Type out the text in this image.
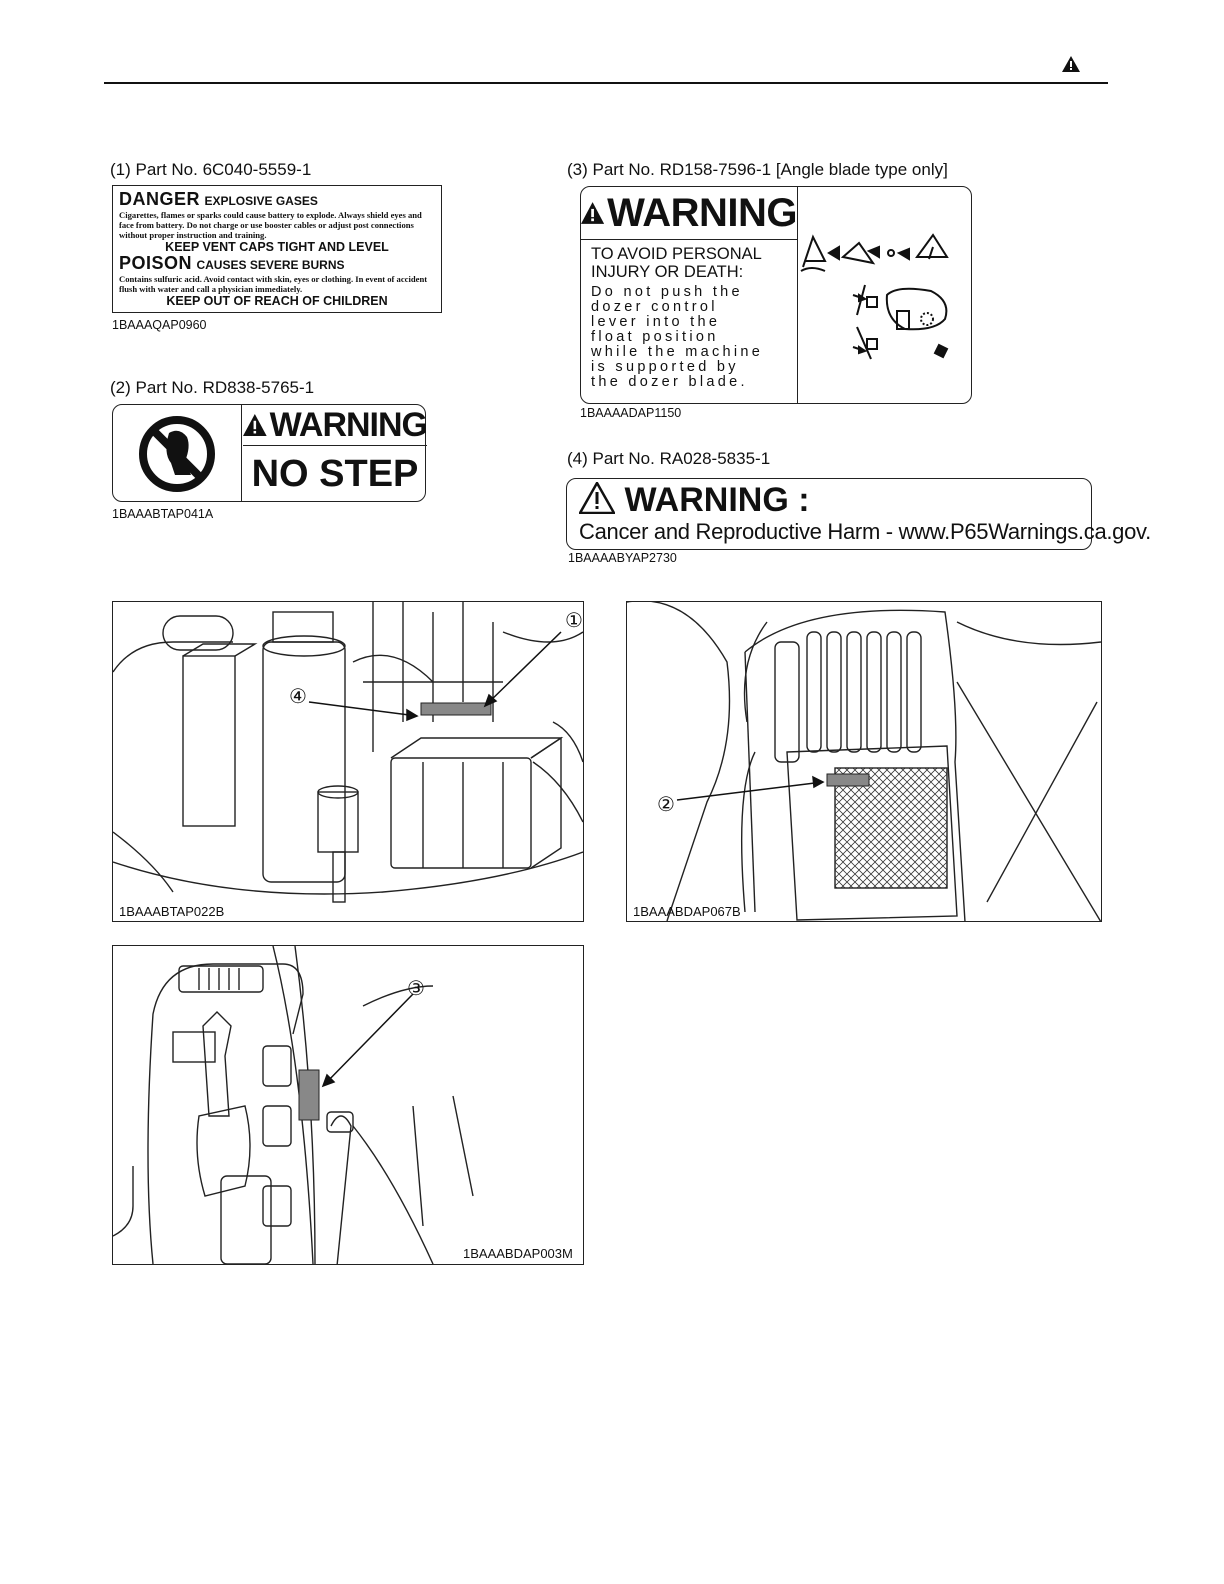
(1) Part No. 6C040-5559-1
DANGER EXPLOSIVE GASES
Cigarettes, flames or sparks could cause battery to explode. Always shield eyes and face from battery. Do not charge or use booster cables or adjust post connections without proper instruction and training.
KEEP VENT CAPS TIGHT AND LEVEL
POISON CAUSES SEVERE BURNS
Contains sulfuric acid. Avoid contact with skin, eyes or clothing. In event of accident flush with water and call a physician immediately.
KEEP OUT OF REACH OF CHILDREN
1BAAAQAP0960
(2) Part No. RD838-5765-1
WARNING
NO STEP
1BAAABTAP041A
(3) Part No. RD158-7596-1 [Angle blade type only]
WARNING
TO AVOID PERSONAL
INJURY OR DEATH:
Do not push the
dozer control
lever into the
float position
while the machine
is supported by
the dozer blade.
1BAAAADAP1150
(4) Part No. RA028-5835-1
WARNING :
Cancer and Reproductive Harm - www.P65Warnings.ca.gov.
1BAAAABYAP2730
①
④
1BAAABTAP022B
②
1BAAABDAP067B
③
1BAAABDAP003M
